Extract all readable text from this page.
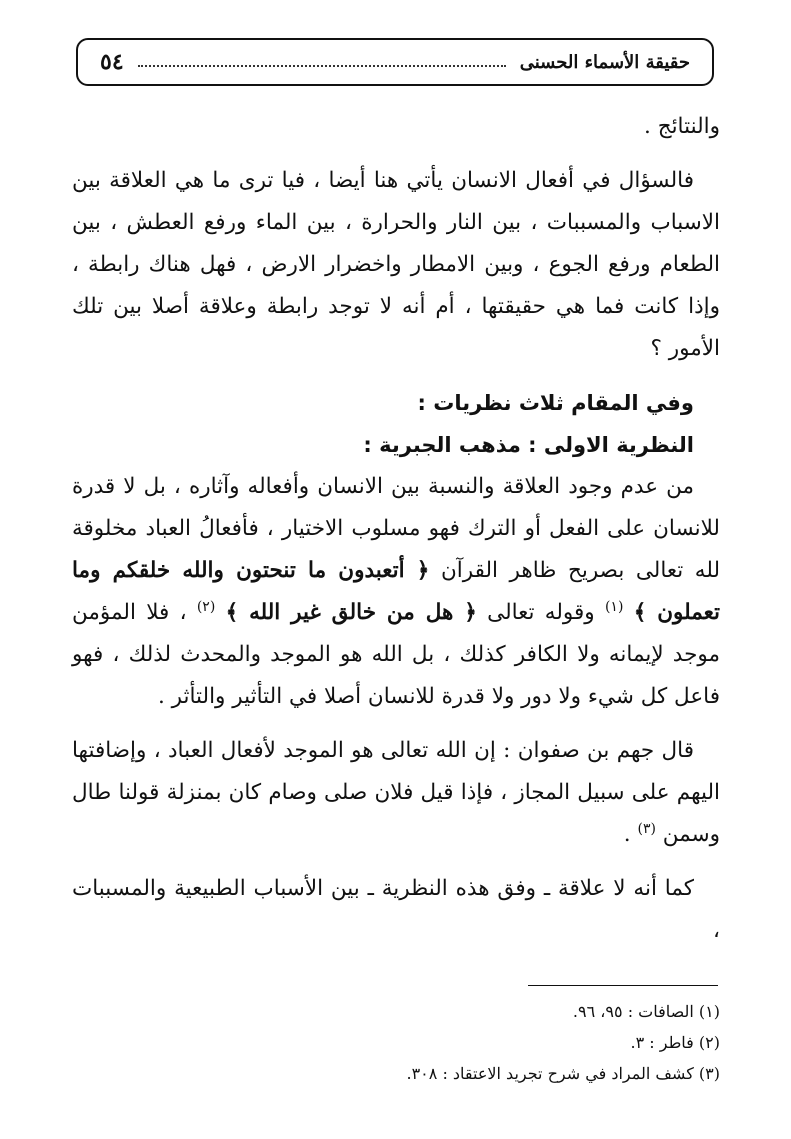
٥٤	حقيقة الأسماء الحسنى

والنتائج .

فالسؤال في أفعال الانسان يأتي هنا أيضا ، فيا ترى ما هي العلاقة بين الاسباب والمسببات ، بين النار والحرارة ، بين الماء ورفع العطش ، بين الطعام ورفع الجوع ، وبين الامطار واخضرار الارض ، فهل هناك رابطة ، وإذا كانت فما هي حقيقتها ، أم أنه لا توجد رابطة وعلاقة أصلا بين تلك الأمور ؟

وفي المقام ثلاث نظريات :

النظرية الاولى : مذهب الجبرية :

من عدم وجود العلاقة والنسبة بين الانسان وأفعاله وآثاره ، بل لا قدرة للانسان على الفعل أو الترك فهو مسلوب الاختيار ، فأفعالُ العباد مخلوقة لله تعالى بصريح ظاهر القرآن ﴿ أتعبدون ما تنحتون والله خلقكم وما تعملون ﴾ $^{(١)}$ وقوله تعالى ﴿ هل من خالق غير الله ﴾ $^{(٢)}$ ، فلا المؤمن موجد لإيمانه ولا الكافر كذلك ، بل الله هو الموجد والمحدث لذلك ، فهو فاعل كل شيء ولا دور ولا قدرة للانسان أصلا في التأثير والتأثر .

قال جهم بن صفوان : إن الله تعالى هو الموجد لأفعال العباد ، وإضافتها اليهم على سبيل المجاز ، فإذا قيل فلان صلى وصام كان بمنزلة قولنا طال وسمن $^{(٣)}$ .

كما أنه لا علاقة ـ وفق هذه النظرية ـ بين الأسباب الطبيعية والمسببات ،

(١) الصافات : ٩٥، ٩٦.

(٢) فاطر : ٣.

(٣) كشف المراد في شرح تجريد الاعتقاد : ٣٠٨.
